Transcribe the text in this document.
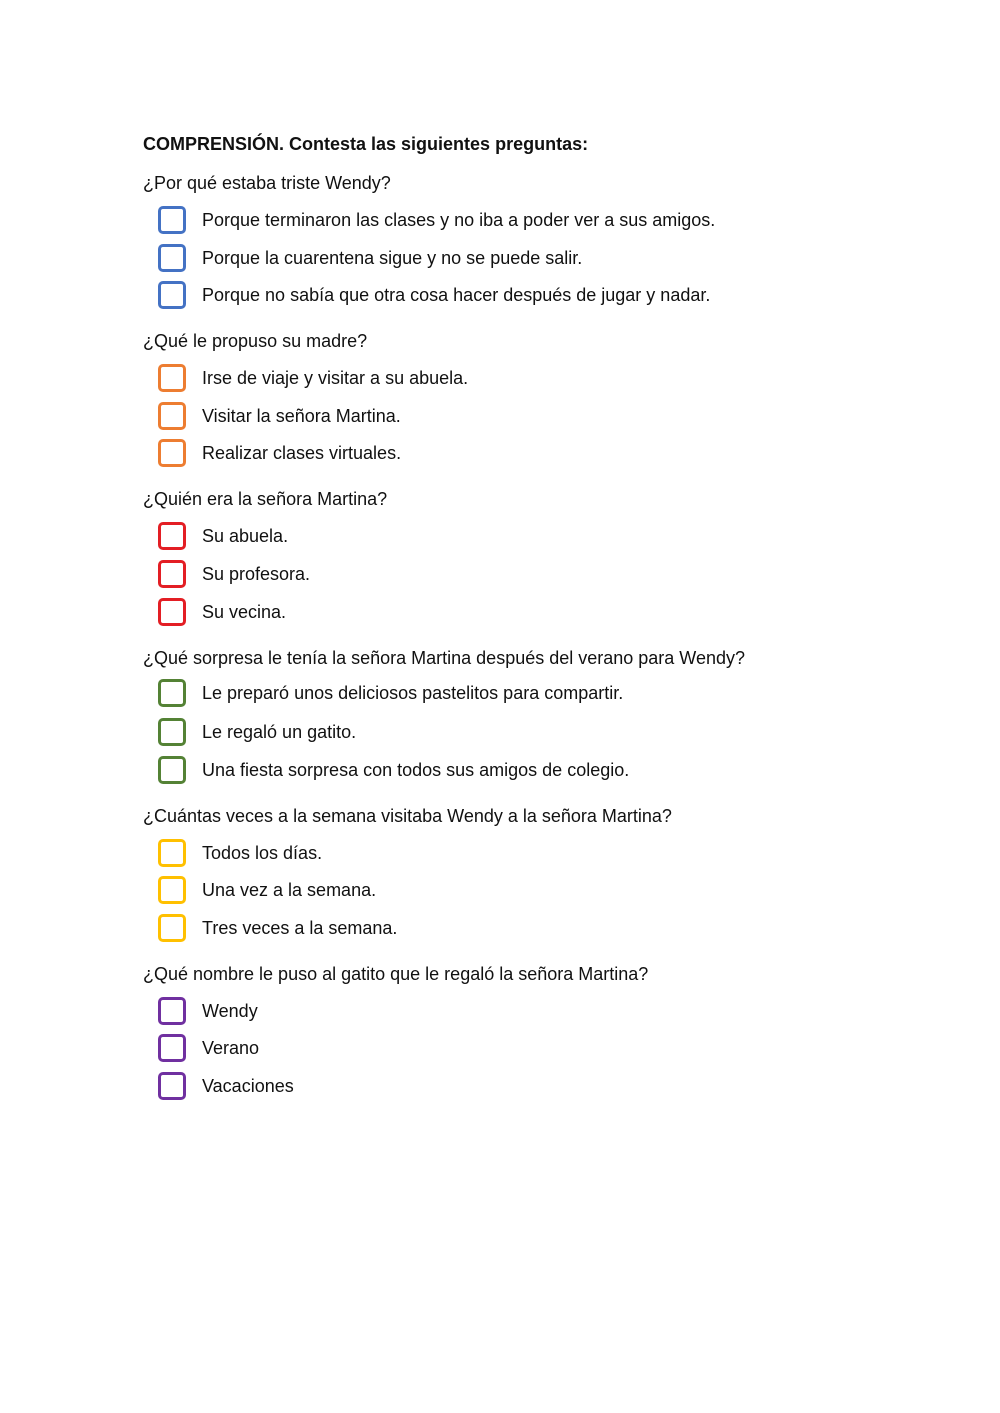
COMPRENSIÓN. Contesta las siguientes preguntas:
¿Por qué estaba triste Wendy?
Porque terminaron las clases y no iba a poder ver a sus amigos.
Porque la cuarentena sigue y no se puede salir.
Porque no sabía que otra cosa hacer después de jugar y nadar.
¿Qué le propuso su madre?
Irse de viaje y visitar a su abuela.
Visitar la señora Martina.
Realizar clases virtuales.
¿Quién era la señora Martina?
Su abuela.
Su profesora.
Su vecina.
¿Qué sorpresa le tenía la señora Martina después del verano para Wendy?
Le preparó unos deliciosos pastelitos para compartir.
Le regaló un gatito.
Una fiesta sorpresa con todos sus amigos de colegio.
¿Cuántas veces a la semana visitaba Wendy a la señora Martina?
Todos los días.
Una vez a la semana.
Tres veces a la semana.
¿Qué nombre le puso al gatito que le regaló la señora Martina?
Wendy
Verano
Vacaciones
